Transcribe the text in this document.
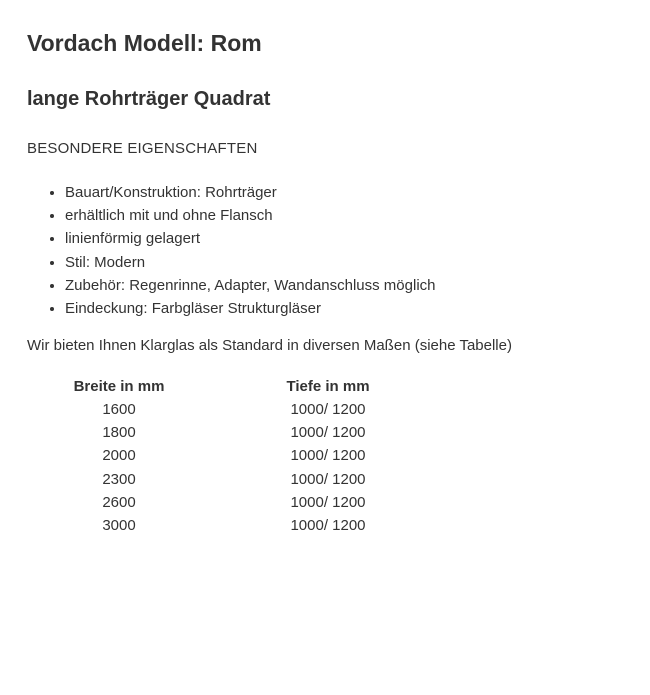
Vordach Modell: Rom
lange Rohrträger Quadrat

BESONDERE EIGENSCHAFTEN

• Bauart/Konstruktion: Rohrträger
• erhältlich mit und ohne Flansch
• linienförmig gelagert
• Stil: Modern
• Zubehör: Regenrinne, Adapter, Wandanschluss möglich
• Eindeckung: Farbgläser Strukturgläser

Wir bieten Ihnen Klarglas als Standard in diversen Maßen (siehe Tabelle)

Breite in mm	Tiefe in mm
1600	1000/ 1200
1800	1000/ 1200
2000	1000/ 1200
2300	1000/ 1200
2600	1000/ 1200
3000	1000/ 1200
